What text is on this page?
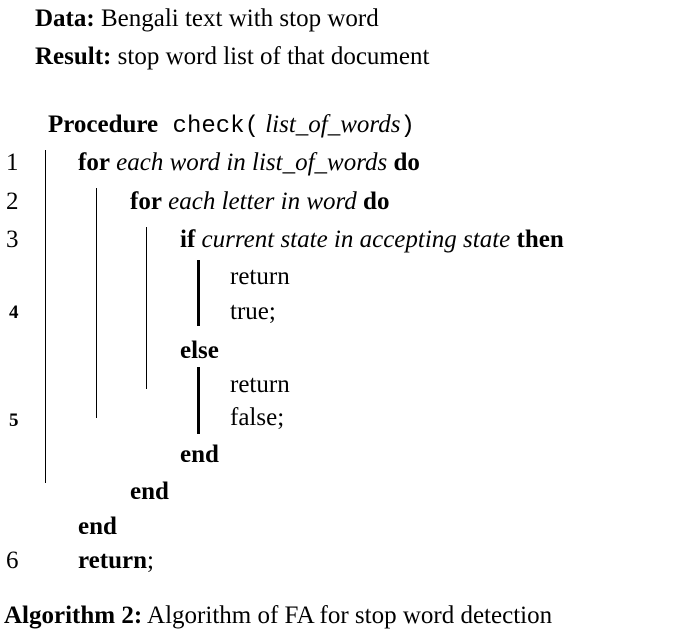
Data: Bengali text with stop word
Result: stop word list of that document
Procedure check( list_of_words)
1 for each word in list_of_words do
2	for each letter in word do
3	if current state in accepting state then
return
4	true;
else
return
5	false;
end
end
end
6 return;
Algorithm 2: Algorithm of FA for stop word detection
